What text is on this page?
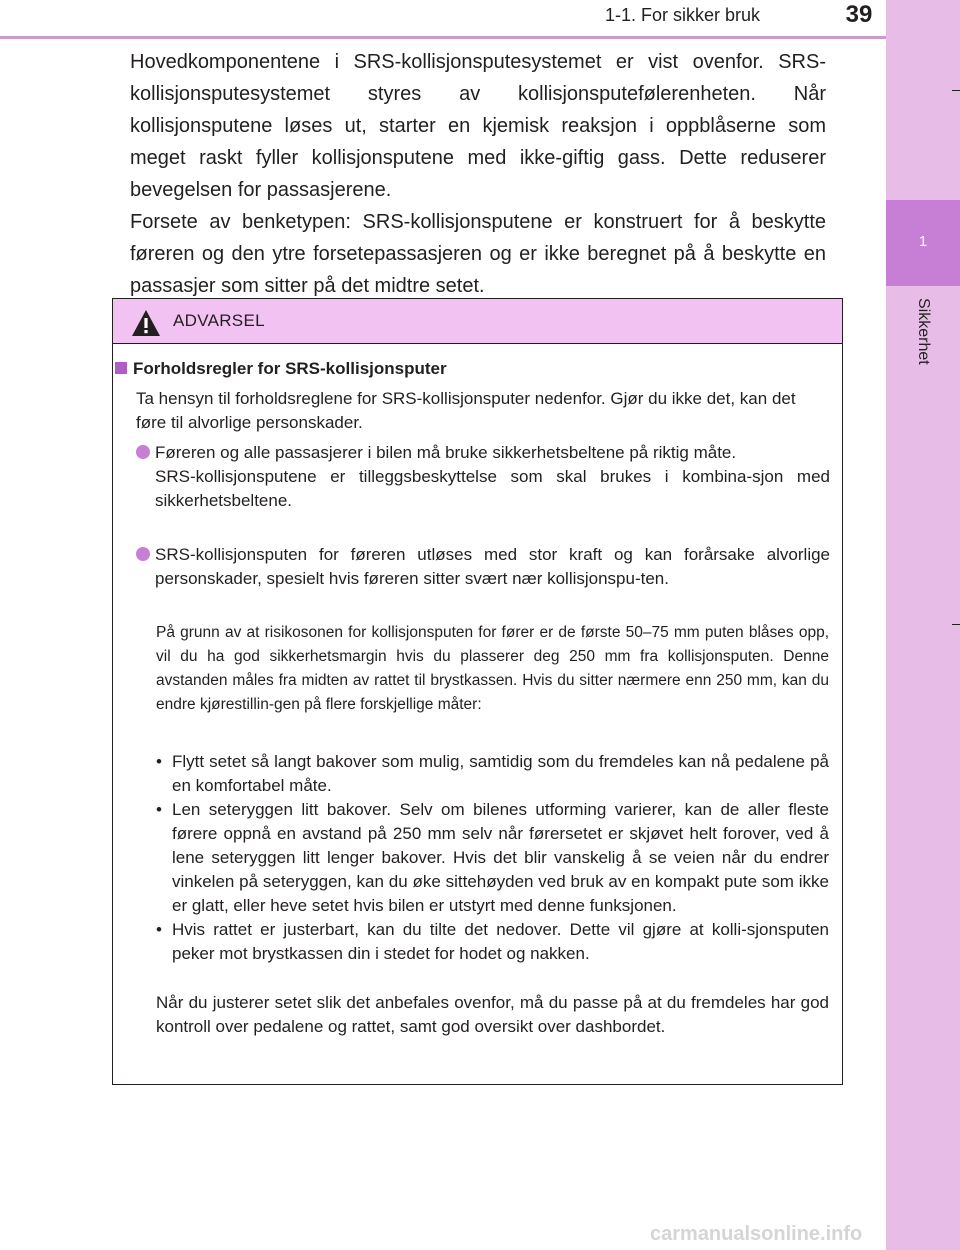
1-1. For sikker bruk	39
1
Sikkerhet

Hovedkomponentene i SRS-kollisjonsputesystemet er vist ovenfor. SRS-kollisjonsputesystemet styres av kollisjonsputefølerenheten. Når kollisjonsputene løses ut, starter en kjemisk reaksjon i oppblåserne som meget raskt fyller kollisjonsputene med ikke-giftig gass. Dette reduserer bevegelsen for passasjerene.

Forsete av benketypen: SRS-kollisjonsputene er konstruert for å beskytte føreren og den ytre forsetepassasjeren og er ikke beregnet på å beskytte en passasjer som sitter på det midtre setet.

ADVARSEL
Forholdsregler for SRS-kollisjonsputer
Ta hensyn til forholdsreglene for SRS-kollisjonsputer nedenfor. Gjør du ikke det, kan det føre til alvorlige personskader.
Føreren og alle passasjerer i bilen må bruke sikkerhetsbeltene på riktig måte.
SRS-kollisjonsputene er tilleggsbeskyttelse som skal brukes i kombina-sjon med sikkerhetsbeltene.
SRS-kollisjonsputen for føreren utløses med stor kraft og kan forårsake alvorlige personskader, spesielt hvis føreren sitter svært nær kollisjonspu-ten.
På grunn av at risikosonen for kollisjonsputen for fører er de første 50–75 mm puten blåses opp, vil du ha god sikkerhetsmargin hvis du plasserer deg 250 mm fra kollisjonsputen. Denne avstanden måles fra midten av rattet til brystkassen. Hvis du sitter nærmere enn 250 mm, kan du endre kjørestillin-gen på flere forskjellige måter:
• Flytt setet så langt bakover som mulig, samtidig som du fremdeles kan nå pedalene på en komfortabel måte.
• Len seteryggen litt bakover. Selv om bilenes utforming varierer, kan de aller fleste førere oppnå en avstand på 250 mm selv når førersetet er skjøvet helt forover, ved å lene seteryggen litt lenger bakover. Hvis det blir vanskelig å se veien når du endrer vinkelen på seteryggen, kan du øke sittehøyden ved bruk av en kompakt pute som ikke er glatt, eller heve setet hvis bilen er utstyrt med denne funksjonen.
• Hvis rattet er justerbart, kan du tilte det nedover. Dette vil gjøre at kolli-sjonsputen peker mot brystkassen din i stedet for hodet og nakken.
Når du justerer setet slik det anbefales ovenfor, må du passe på at du fremdeles har god kontroll over pedalene og rattet, samt god oversikt over dashbordet.
carmanualsonline.info
